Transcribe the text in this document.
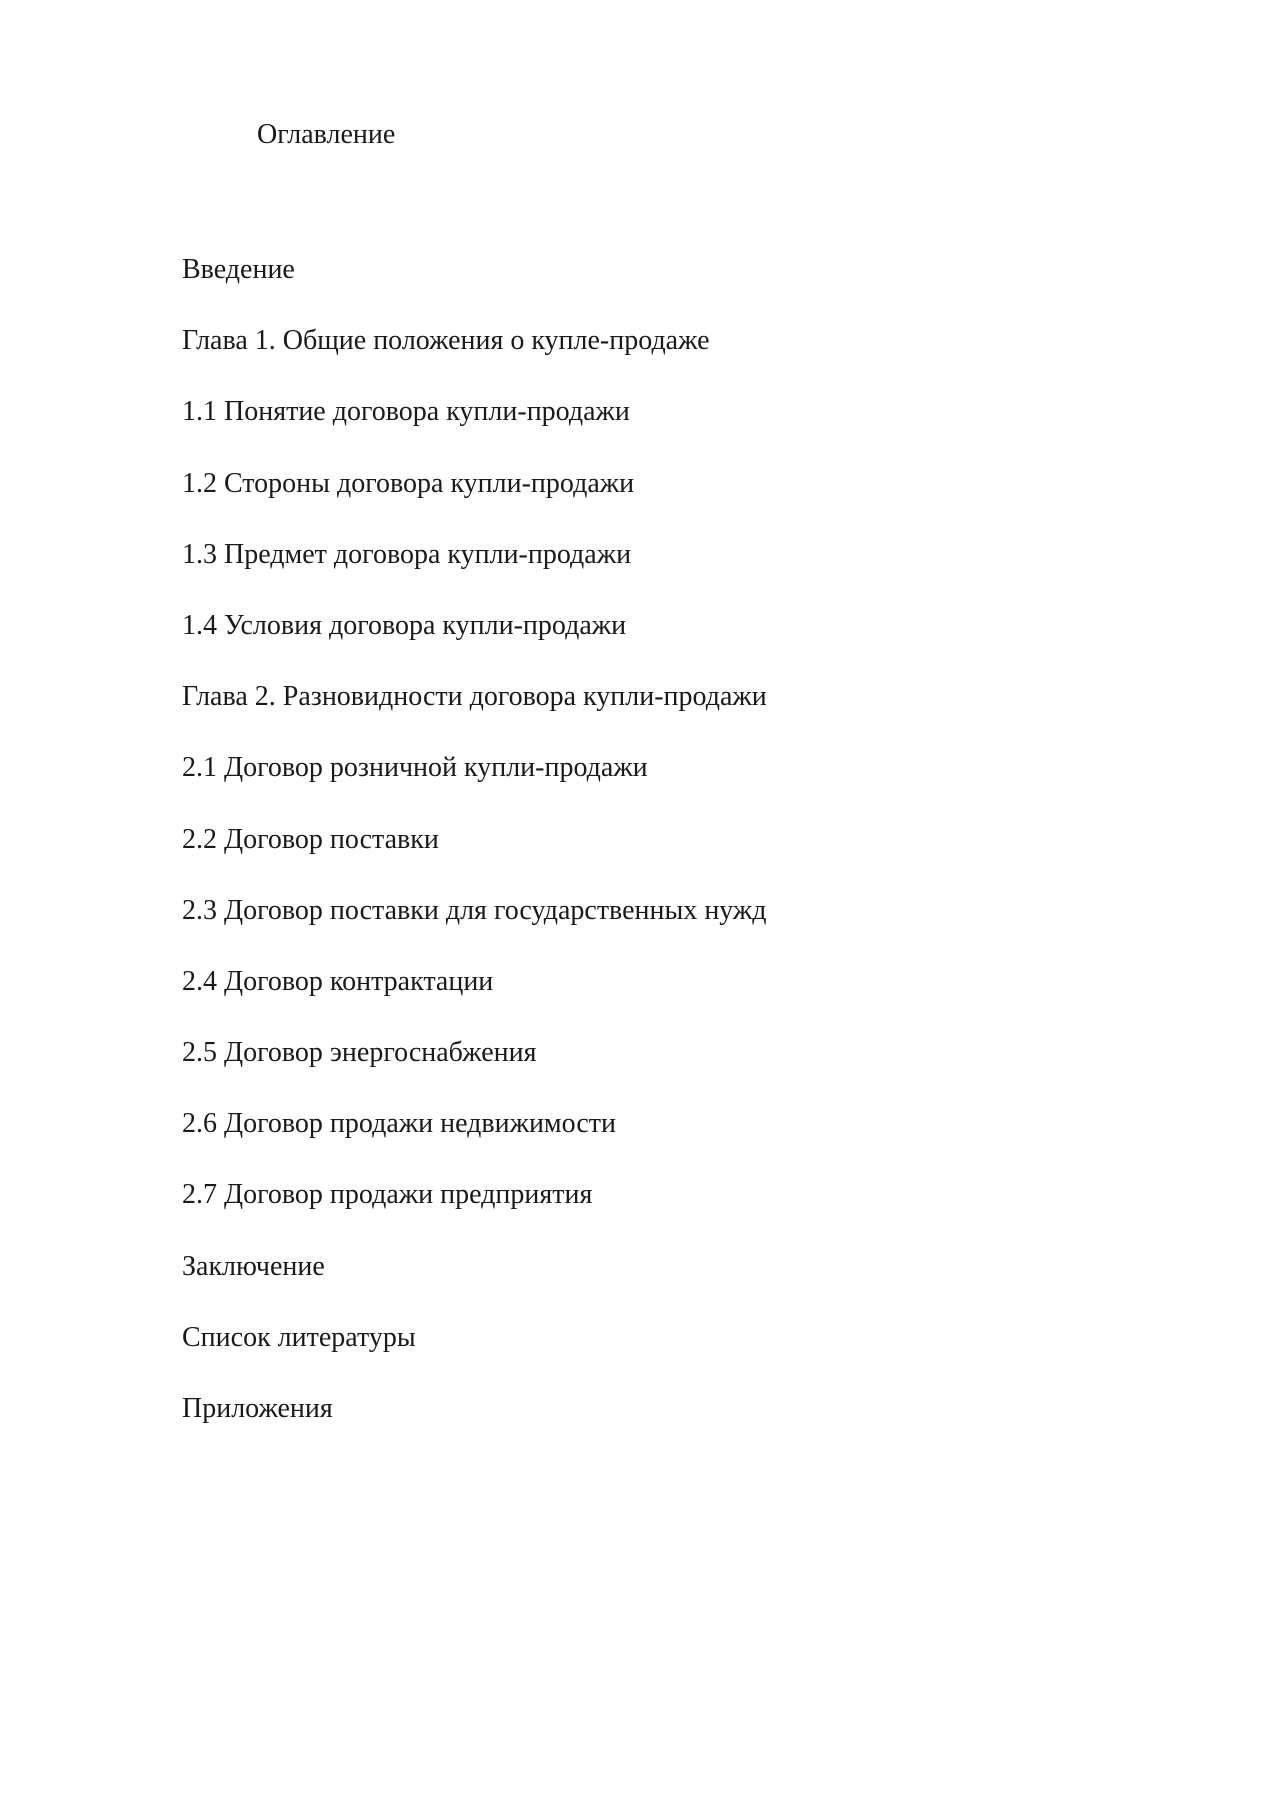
Оглавление
Введение
Глава 1. Общие положения о купле-продаже
1.1 Понятие договора купли-продажи
1.2 Стороны договора купли-продажи
1.3 Предмет договора купли-продажи
1.4 Условия договора купли-продажи
Глава 2. Разновидности договора купли-продажи
2.1 Договор розничной купли-продажи
2.2 Договор поставки
2.3 Договор поставки для государственных нужд
2.4 Договор контрактации
2.5 Договор энергоснабжения
2.6 Договор продажи недвижимости
2.7 Договор продажи предприятия
Заключение
Список литературы
Приложения
